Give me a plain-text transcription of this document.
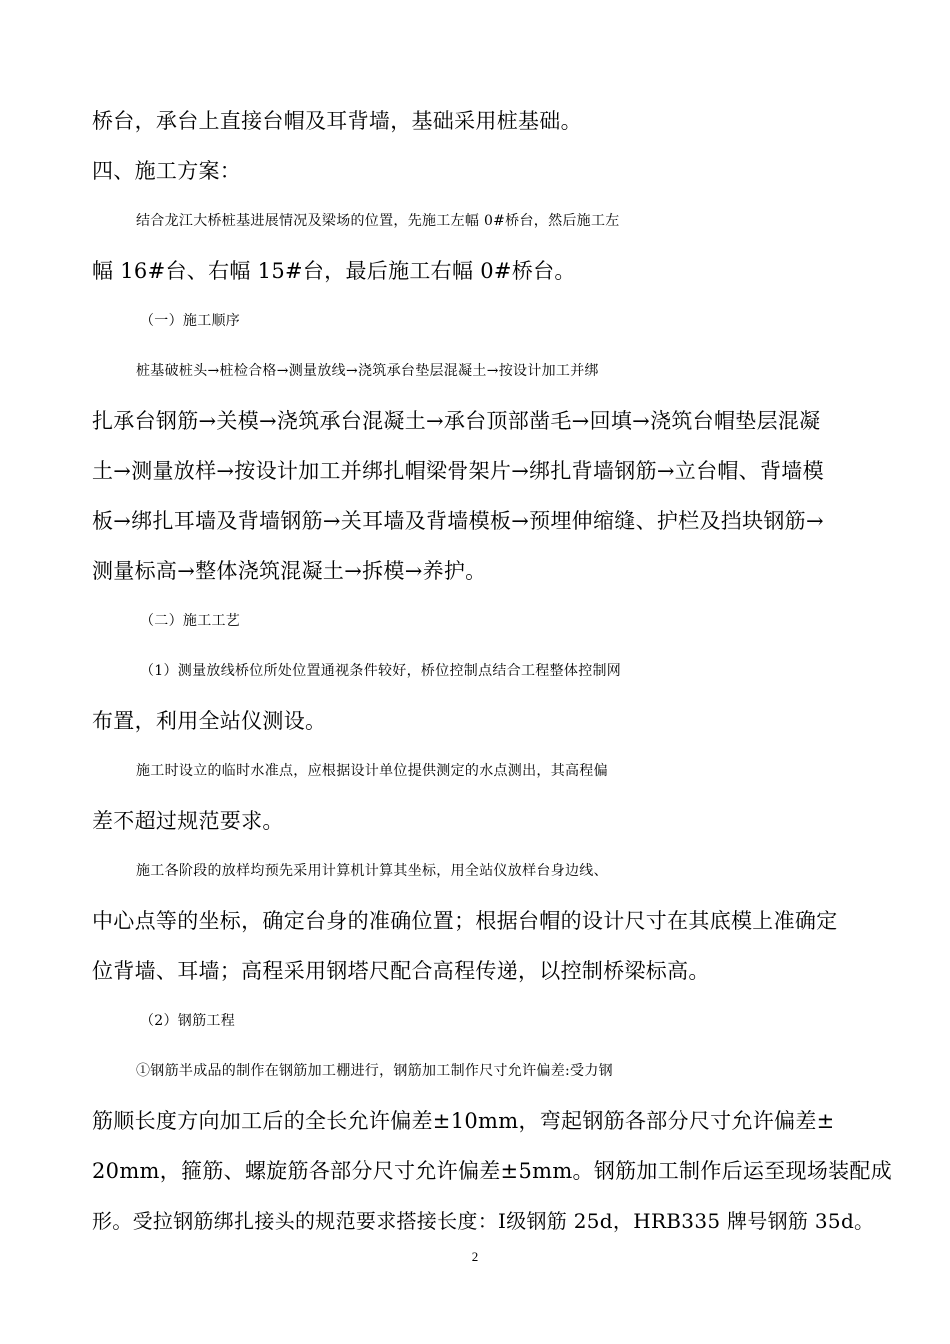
桥台，承台上直接台帽及耳背墙，基础采用桩基础。
四、施工方案：
结合龙江大桥桩基进展情况及梁场的位置，先施工左幅 0#桥台，然后施工左
幅 16#台、右幅 15#台，最后施工右幅 0#桥台。
（一）施工顺序
桩基破桩头→桩检合格→测量放线→浇筑承台垫层混凝土→按设计加工并绑
扎承台钢筋→关模→浇筑承台混凝土→承台顶部凿毛→回填→浇筑台帽垫层混凝
土→测量放样→按设计加工并绑扎帽梁骨架片→绑扎背墙钢筋→立台帽、背墙模
板→绑扎耳墙及背墙钢筋→关耳墙及背墙模板→预埋伸缩缝、护栏及挡块钢筋→
测量标高→整体浇筑混凝土→拆模→养护。
（二）施工工艺
（1）测量放线桥位所处位置通视条件较好，桥位控制点结合工程整体控制网
布置，利用全站仪测设。
施工时设立的临时水准点，应根据设计单位提供测定的水点测出，其高程偏
差不超过规范要求。
施工各阶段的放样均预先采用计算机计算其坐标，用全站仪放样台身边线、
中心点等的坐标，确定台身的准确位置；根据台帽的设计尺寸在其底模上准确定
位背墙、耳墙；高程采用钢塔尺配合高程传递，以控制桥梁标高。
（2）钢筋工程
①钢筋半成品的制作在钢筋加工棚进行，钢筋加工制作尺寸允许偏差:受力钢
筋顺长度方向加工后的全长允许偏差±10mm，弯起钢筋各部分尺寸允许偏差±
20mm，箍筋、螺旋筋各部分尺寸允许偏差±5mm。钢筋加工制作后运至现场装配成
形。受拉钢筋绑扎接头的规范要求搭接长度：Ⅰ级钢筋 25d，HRB335 牌号钢筋 35d。
2
